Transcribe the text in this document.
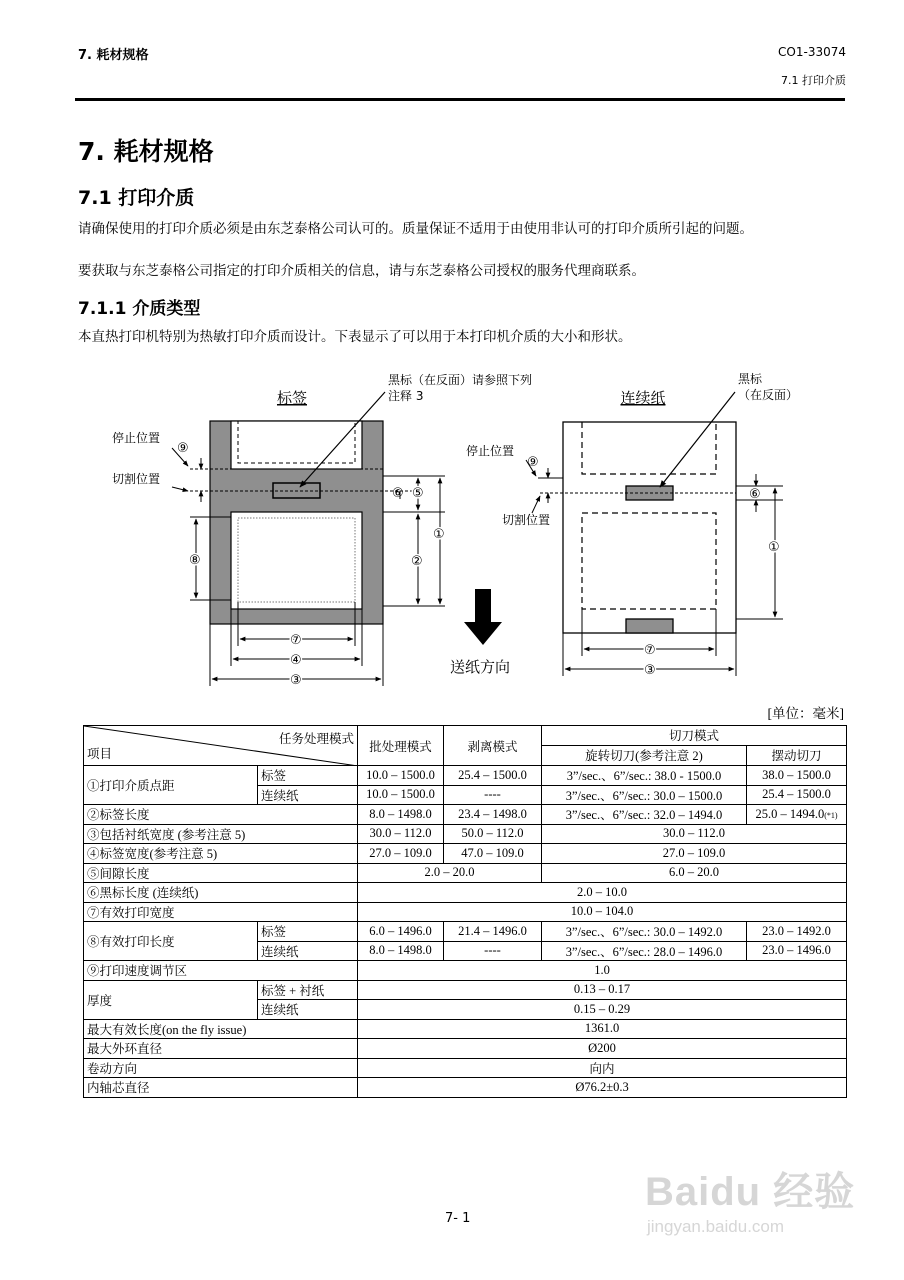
7. 耗材规格	CO1-33074
7.1 打印介质
7. 耗材规格
7.1 打印介质
请确保使用的打印介质必须是由东芝泰格公司认可的。质量保证不适用于由使用非认可的打印介质所引起的问题。
要获取与东芝泰格公司指定的打印介质相关的信息，请与东芝泰格公司授权的服务代理商联系。
7.1.1 介质类型
本直热打印机特别为热敏打印介质而设计。下表显示了可以用于本打印机介质的大小和形状。
标签
黑标（在反面）请参照下列
注释 3
停止位置
切割位置
⑨
⑥ ⑤
①
②
⑧
⑦
④
③
送纸方向
连续纸
黑标
（在反面）
停止位置
切割位置
⑨
⑥
①
⑦
③
[单位：毫米]
任务处理模式
项目		批处理模式	剥离模式	切刀模式	
				旋转切刀(参考注意 2)	摆动切刀
①打印介质点距	标签	10.0 – 1500.0	25.4 – 1500.0	3”/sec.、6”/sec.: 38.0 - 1500.0	38.0 – 1500.0
	连续纸	10.0 – 1500.0	----	3”/sec.、6”/sec.: 30.0 – 1500.0	25.4 – 1500.0
②标签长度		8.0 – 1498.0	23.4 – 1498.0	3”/sec.、6”/sec.: 32.0 – 1494.0	25.0 – 1494.0(*1)
③包括衬纸宽度 (参考注意 5)		30.0 – 112.0	50.0 – 112.0	30.0 – 112.0	
④标签宽度(参考注意 5)		27.0 – 109.0	47.0 – 109.0	27.0 – 109.0	
⑤间隙长度		2.0 – 20.0		6.0 – 20.0	
⑥黑标长度 (连续纸)		2.0 – 10.0			
⑦有效打印宽度		10.0 – 104.0			
⑧有效打印长度	标签	6.0 – 1496.0	21.4 – 1496.0	3”/sec.、6”/sec.: 30.0 – 1492.0	23.0 – 1492.0
	连续纸	8.0 – 1498.0	----	3”/sec.、6”/sec.: 28.0 – 1496.0	23.0 – 1496.0
⑨打印速度调节区		1.0			
厚度	标签 + 衬纸	0.13 – 0.17			
	连续纸	0.15 – 0.29			
最大有效长度(on the fly issue)		1361.0			
最大外环直径		Ø200			
卷动方向		向内			
内轴芯直径		Ø76.2±0.3			
Baidu 经验
jingyan.baidu.com
7- 1
